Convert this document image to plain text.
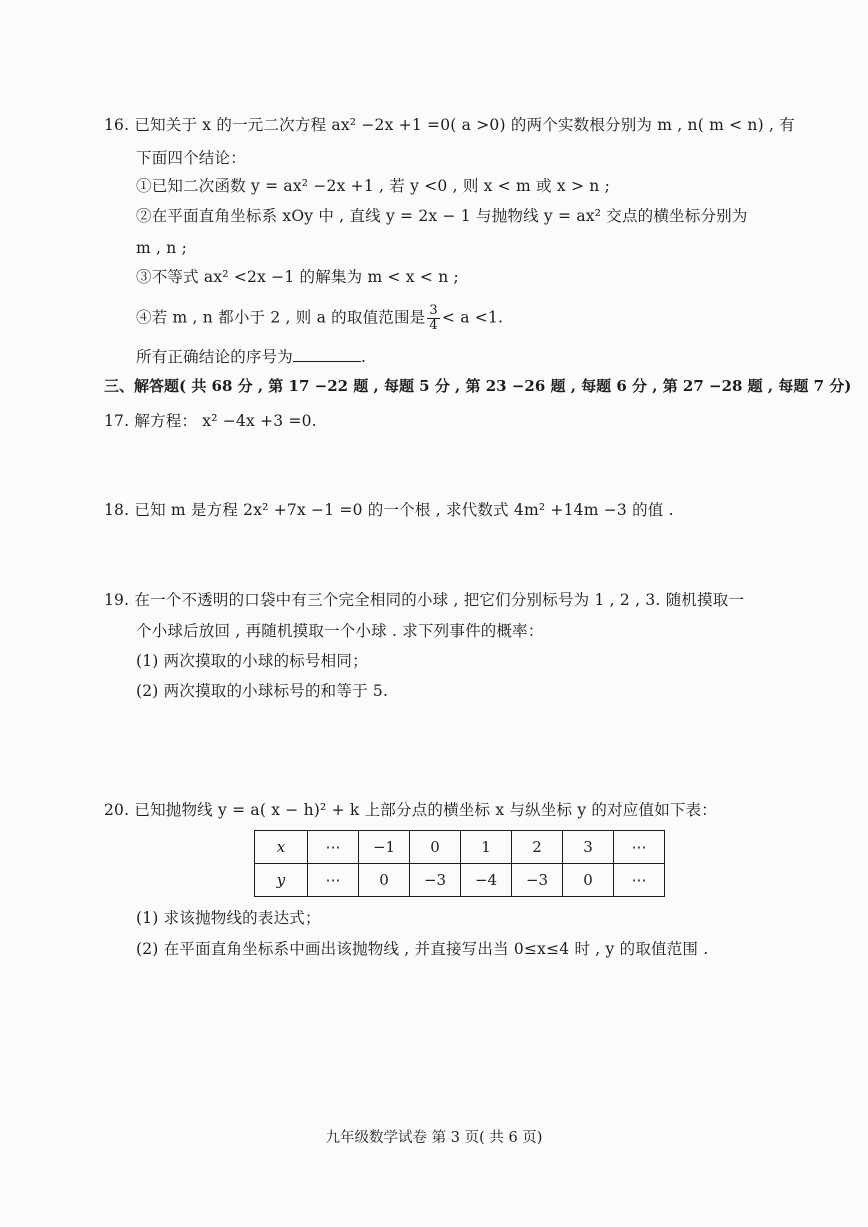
16. 已知关于 x 的一元二次方程 ax² −2x +1 =0( a >0) 的两个实数根分别为 m , n( m < n) , 有
下面四个结论：
①已知二次函数 y = ax² −2x +1 , 若 y <0 , 则 x < m 或 x > n ;
②在平面直角坐标系 xOy 中 , 直线 y = 2x − 1 与抛物线 y = ax² 交点的横坐标分别为
m , n ;
③不等式 ax² <2x −1 的解集为 m < x < n ;
④若 m , n 都小于 2 , 则 a 的取值范围是 $\frac{3}{4} < a <1$.
所有正确结论的序号为	.
三、解答题( 共 68 分 , 第 17 −22 题 , 每题 5 分 , 第 23 −26 题 , 每题 6 分 , 第 27 −28 题 , 每题 7 分)
17. 解方程： x² −4x +3 =0.
18. 已知 m 是方程 2x² +7x −1 =0 的一个根 , 求代数式 4m² +14m −3 的值 .
19. 在一个不透明的口袋中有三个完全相同的小球 , 把它们分别标号为 1 , 2 , 3. 随机摸取一
个小球后放回 , 再随机摸取一个小球 . 求下列事件的概率：
(1) 两次摸取的小球的标号相同；
(2) 两次摸取的小球标号的和等于 5.
20. 已知抛物线 y = a( x − h)² + k 上部分点的横坐标 x 与纵坐标 y 的对应值如下表：
x	⋯	−1	0	1	2	3	⋯
y	⋯	0	−3	−4	−3	0	⋯
(1) 求该抛物线的表达式；
(2) 在平面直角坐标系中画出该抛物线 , 并直接写出当 0≤x≤4 时 , y 的取值范围 .
九年级数学试卷 第 3 页( 共 6 页)
